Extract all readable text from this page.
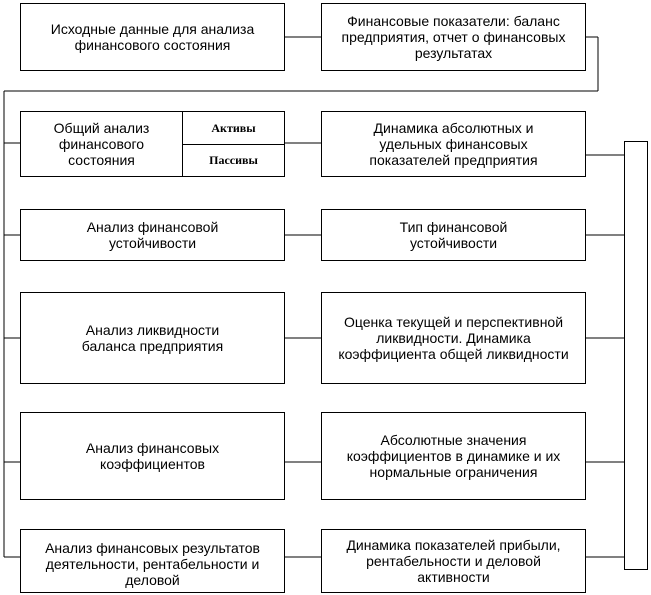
Исходные данные для анализа финансового состояния
Финансовые показатели: баланс предприятия, отчет о финансовых результатах
Общий анализ финансового состояния
Активы
Пассивы
Динамика абсолютных и удельных финансовых показателей предприятия
Анализ финансовой устойчивости
Тип финансовой устойчивости
Анализ ликвидности баланса предприятия
Оценка текущей и перспективной ликвидности. Динамика коэффициента общей ликвидности
Анализ финансовых коэффициентов
Абсолютные значения коэффициентов в динамике и их нормальные ограничения
Анализ финансовых результатов деятельности, рентабельности и деловой
Динамика показателей прибыли, рентабельности и деловой активности
